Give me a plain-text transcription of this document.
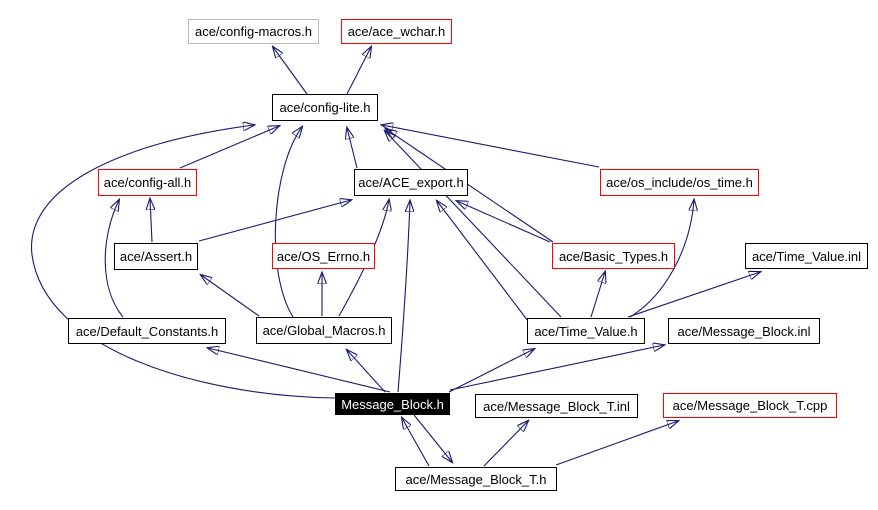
ace/config-macros.h	ace/ace_wchar.h
ace/config-lite.h
ace/config-all.h	ace/ACE_export.h	ace/os_include/os_time.h
ace/Assert.h	ace/OS_Errno.h	ace/Basic_Types.h	ace/Time_Value.inl
ace/Default_Constants.h	ace/Global_Macros.h	ace/Time_Value.h	ace/Message_Block.inl
Message_Block.h	ace/Message_Block_T.inl	ace/Message_Block_T.cpp
ace/Message_Block_T.h
